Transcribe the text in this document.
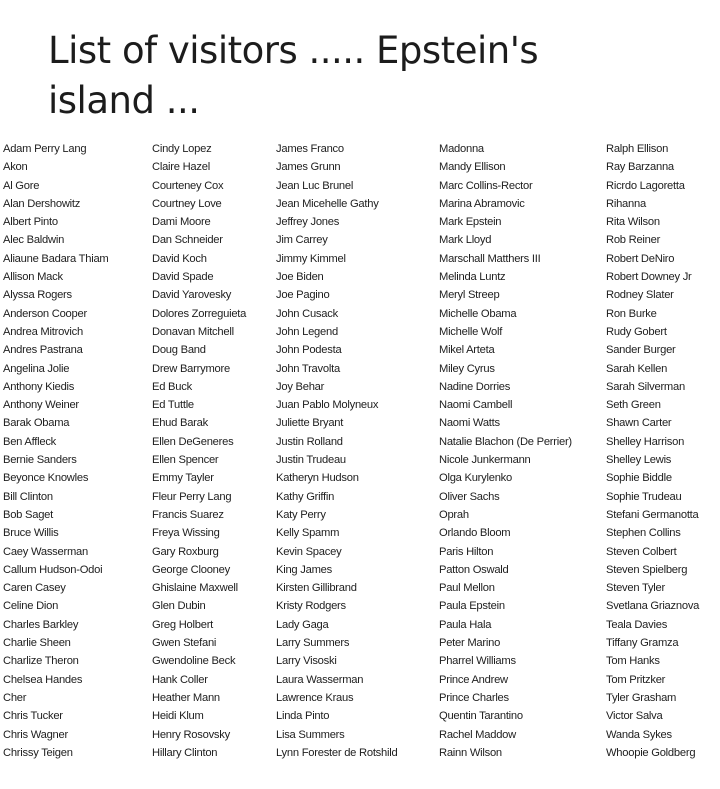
List of visitors ..... Epstein's
island ...
Adam Perry Lang
Akon
Al Gore
Alan Dershowitz
Albert Pinto
Alec Baldwin
Aliaune Badara Thiam
Allison Mack
Alyssa Rogers
Anderson Cooper
Andrea Mitrovich
Andres Pastrana
Angelina Jolie
Anthony Kiedis
Anthony Weiner
Barak Obama
Ben Affleck
Bernie Sanders
Beyonce Knowles
Bill Clinton
Bob Saget
Bruce Willis
Caey Wasserman
Callum Hudson-Odoi
Caren Casey
Celine Dion
Charles Barkley
Charlie Sheen
Charlize Theron
Chelsea Handes
Cher
Chris Tucker
Chris Wagner
Chrissy Teigen
Cindy Lopez
Claire Hazel
Courteney Cox
Courtney Love
Dami Moore
Dan Schneider
David Koch
David Spade
David Yarovesky
Dolores Zorreguieta
Donavan Mitchell
Doug Band
Drew Barrymore
Ed Buck
Ed Tuttle
Ehud Barak
Ellen DeGeneres
Ellen Spencer
Emmy Tayler
Fleur Perry Lang
Francis Suarez
Freya Wissing
Gary Roxburg
George Clooney
Ghislaine Maxwell
Glen Dubin
Greg Holbert
Gwen Stefani
Gwendoline Beck
Hank Coller
Heather Mann
Heidi Klum
Henry Rosovsky
Hillary Clinton
James Franco
James Grunn
Jean Luc Brunel
Jean Micehelle Gathy
Jeffrey Jones
Jim Carrey
Jimmy Kimmel
Joe Biden
Joe Pagino
John Cusack
John Legend
John Podesta
John Travolta
Joy Behar
Juan Pablo Molyneux
Juliette Bryant
Justin Rolland
Justin Trudeau
Katheryn Hudson
Kathy Griffin
Katy Perry
Kelly Spamm
Kevin Spacey
King James
Kirsten Gillibrand
Kristy Rodgers
Lady Gaga
Larry Summers
Larry Visoski
Laura Wasserman
Lawrence Kraus
Linda Pinto
Lisa Summers
Lynn Forester de Rotshild
Madonna
Mandy Ellison
Marc Collins-Rector
Marina Abramovic
Mark Epstein
Mark Lloyd
Marschall Matthers III
Melinda Luntz
Meryl Streep
Michelle Obama
Michelle Wolf
Mikel Arteta
Miley Cyrus
Nadine Dorries
Naomi Cambell
Naomi Watts
Natalie Blachon (De Perrier)
Nicole Junkermann
Olga Kurylenko
Oliver Sachs
Oprah
Orlando Bloom
Paris Hilton
Patton Oswald
Paul Mellon
Paula Epstein
Paula Hala
Peter Marino
Pharrel Williams
Prince Andrew
Prince Charles
Quentin Tarantino
Rachel Maddow
Rainn Wilson
Ralph Ellison
Ray Barzanna
Ricrdo Lagoretta
Rihanna
Rita Wilson
Rob Reiner
Robert DeNiro
Robert Downey Jr
Rodney Slater
Ron Burke
Rudy Gobert
Sander Burger
Sarah Kellen
Sarah Silverman
Seth Green
Shawn Carter
Shelley Harrison
Shelley Lewis
Sophie Biddle
Sophie Trudeau
Stefani Germanotta
Stephen Collins
Steven Colbert
Steven Spielberg
Steven Tyler
Svetlana Griaznova
Teala Davies
Tiffany Gramza
Tom Hanks
Tom Pritzker
Tyler Grasham
Victor Salva
Wanda Sykes
Whoopie Goldberg
